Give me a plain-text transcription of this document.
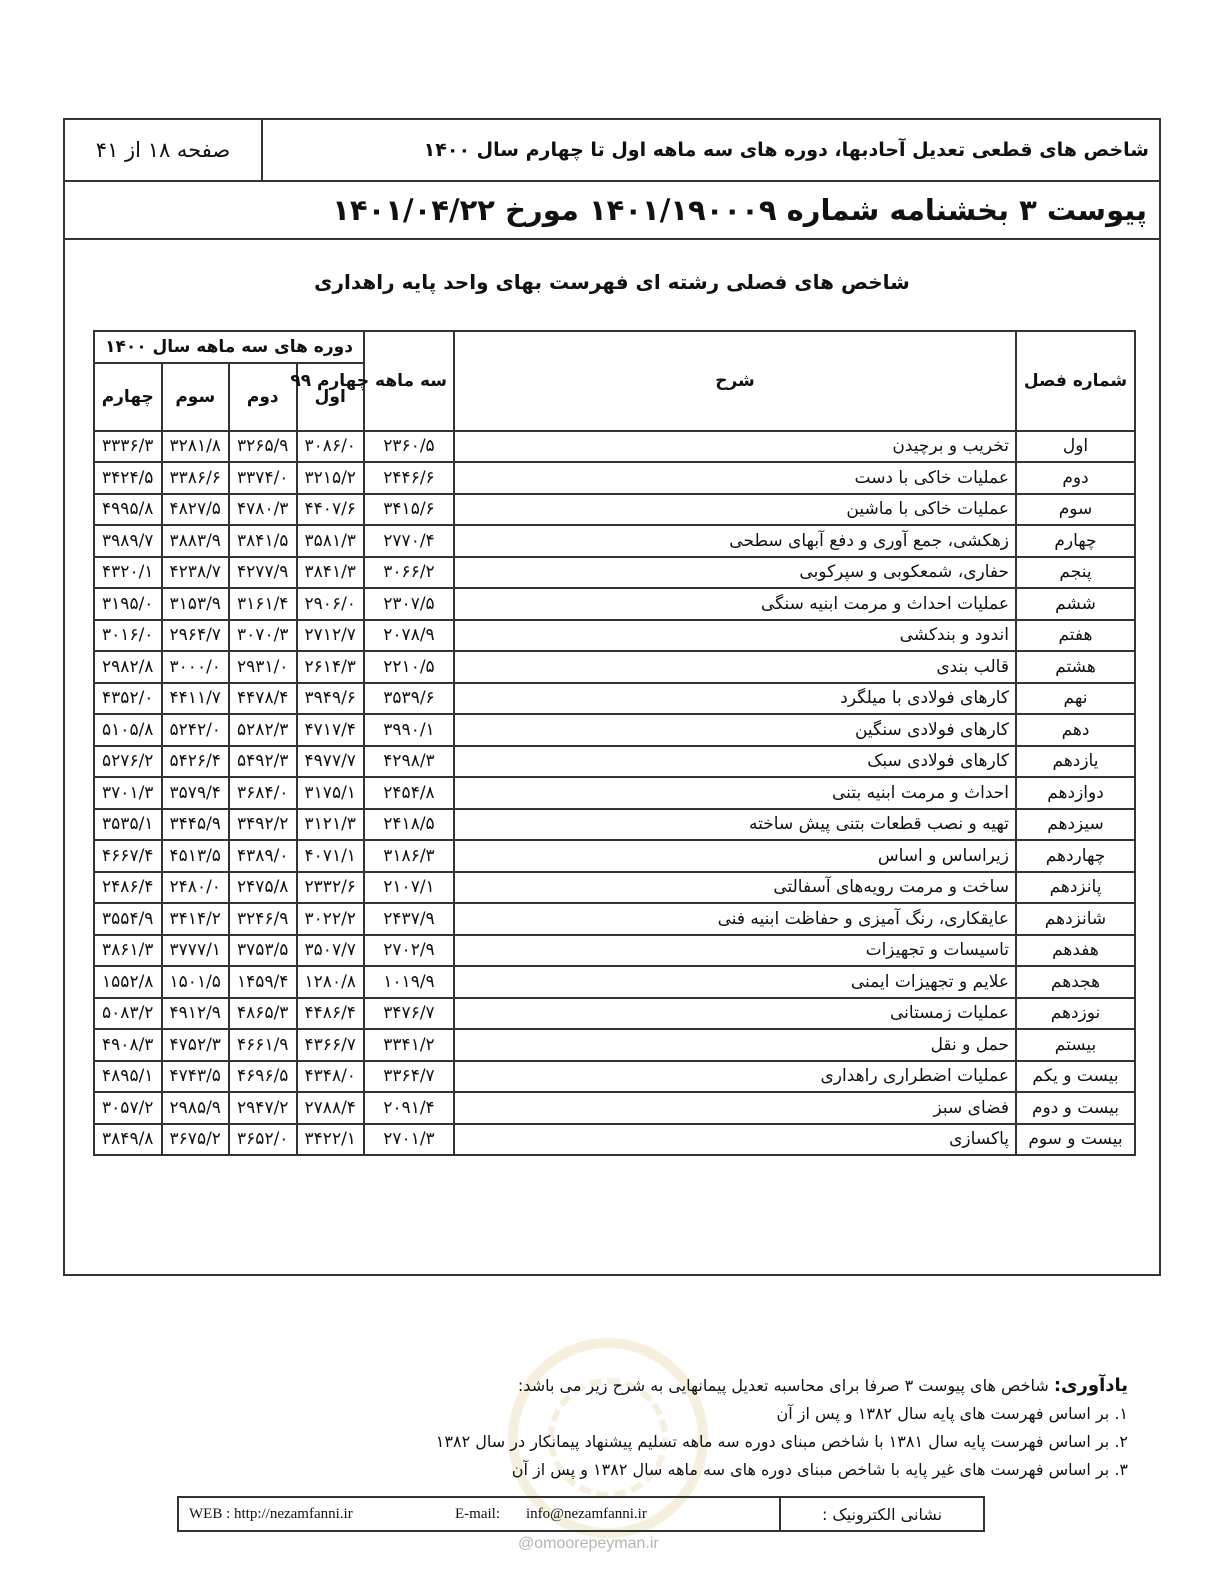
صفحه ۱۸ از ۴۱	شاخص های قطعی تعدیل آحادبها، دوره های سه ماهه اول تا چهارم سال ۱۴۰۰
پیوست ۳ بخشنامه شماره ۱۴۰۱/۱۹۰۰۰۹ مورخ ۱۴۰۱/۰۴/۲۲
شاخص های فصلی رشته ای فهرست بهای واحد پایه راهداری
شماره فصل	شرح	سه ماهه چهارم ۹۹	دوره های سه ماهه سال ۱۴۰۰			
			اول	دوم	سوم	چهارم
اول	تخریب و برچیدن	۲۳۶۰/۵	۳۰۸۶/۰	۳۲۶۵/۹	۳۲۸۱/۸	۳۳۳۶/۳
دوم	عملیات خاکی با دست	۲۴۴۶/۶	۳۲۱۵/۲	۳۳۷۴/۰	۳۳۸۶/۶	۳۴۲۴/۵
سوم	عملیات خاکی با ماشین	۳۴۱۵/۶	۴۴۰۷/۶	۴۷۸۰/۳	۴۸۲۷/۵	۴۹۹۵/۸
چهارم	زهکشی، جمع آوری و دفع آبهای سطحی	۲۷۷۰/۴	۳۵۸۱/۳	۳۸۴۱/۵	۳۸۸۳/۹	۳۹۸۹/۷
پنجم	حفاری، شمعکوبی و سپرکوبی	۳۰۶۶/۲	۳۸۴۱/۳	۴۲۷۷/۹	۴۲۳۸/۷	۴۳۲۰/۱
ششم	عملیات احداث و مرمت ابنیه سنگی	۲۳۰۷/۵	۲۹۰۶/۰	۳۱۶۱/۴	۳۱۵۳/۹	۳۱۹۵/۰
هفتم	اندود و بندکشی	۲۰۷۸/۹	۲۷۱۲/۷	۳۰۷۰/۳	۲۹۶۴/۷	۳۰۱۶/۰
هشتم	قالب بندی	۲۲۱۰/۵	۲۶۱۴/۳	۲۹۳۱/۰	۳۰۰۰/۰	۲۹۸۲/۸
نهم	کارهای فولادی با میلگرد	۳۵۳۹/۶	۳۹۴۹/۶	۴۴۷۸/۴	۴۴۱۱/۷	۴۳۵۲/۰
دهم	کارهای فولادی سنگین	۳۹۹۰/۱	۴۷۱۷/۴	۵۲۸۲/۳	۵۲۴۲/۰	۵۱۰۵/۸
یازدهم	کارهای فولادی سبک	۴۲۹۸/۳	۴۹۷۷/۷	۵۴۹۲/۳	۵۴۲۶/۴	۵۲۷۶/۲
دوازدهم	احداث و مرمت ابنیه بتنی	۲۴۵۴/۸	۳۱۷۵/۱	۳۶۸۴/۰	۳۵۷۹/۴	۳۷۰۱/۳
سیزدهم	تهیه و نصب قطعات بتنی پیش ساخته	۲۴۱۸/۵	۳۱۲۱/۳	۳۴۹۲/۲	۳۴۴۵/۹	۳۵۳۵/۱
چهاردهم	زیراساس و اساس	۳۱۸۶/۳	۴۰۷۱/۱	۴۳۸۹/۰	۴۵۱۳/۵	۴۶۶۷/۴
پانزدهم	ساخت و مرمت رویه‌های آسفالتی	۲۱۰۷/۱	۲۳۳۲/۶	۲۴۷۵/۸	۲۴۸۰/۰	۲۴۸۶/۴
شانزدهم	عایقکاری، رنگ آمیزی و حفاظت ابنیه فنی	۲۴۳۷/۹	۳۰۲۲/۲	۳۲۴۶/۹	۳۴۱۴/۲	۳۵۵۴/۹
هفدهم	تاسیسات و تجهیزات	۲۷۰۲/۹	۳۵۰۷/۷	۳۷۵۳/۵	۳۷۷۷/۱	۳۸۶۱/۳
هجدهم	علایم و تجهیزات ایمنی	۱۰۱۹/۹	۱۲۸۰/۸	۱۴۵۹/۴	۱۵۰۱/۵	۱۵۵۲/۸
نوزدهم	عملیات زمستانی	۳۴۷۶/۷	۴۴۸۶/۴	۴۸۶۵/۳	۴۹۱۲/۹	۵۰۸۳/۲
بیستم	حمل و نقل	۳۳۴۱/۲	۴۳۶۶/۷	۴۶۶۱/۹	۴۷۵۲/۳	۴۹۰۸/۳
بیست و یکم	عملیات اضطراری راهداری	۳۳۶۴/۷	۴۳۴۸/۰	۴۶۹۶/۵	۴۷۴۳/۵	۴۸۹۵/۱
بیست و دوم	فضای سبز	۲۰۹۱/۴	۲۷۸۸/۴	۲۹۴۷/۲	۲۹۸۵/۹	۳۰۵۷/۲
بیست و سوم	پاکسازی	۲۷۰۱/۳	۳۴۲۲/۱	۳۶۵۲/۰	۳۶۷۵/۲	۳۸۴۹/۸
یادآوری: شاخص های پیوست ۳ صرفا برای محاسبه تعدیل پیمانهایی به شرح زیر می باشد:
۱. بر اساس فهرست های پایه سال ۱۳۸۲ و پس از آن
۲. بر اساس فهرست پایه سال ۱۳۸۱ با شاخص مبنای دوره سه ماهه تسلیم پیشنهاد پیمانکار در سال ۱۳۸۲
۳. بر اساس فهرست های غیر پایه با شاخص مبنای دوره های سه ماهه سال ۱۳۸۲ و پس از آن
نشانی الکترونیک :
WEB : http://nezamfanni.ir	E-mail: info@nezamfanni.ir
@omoorepeyman.ir
